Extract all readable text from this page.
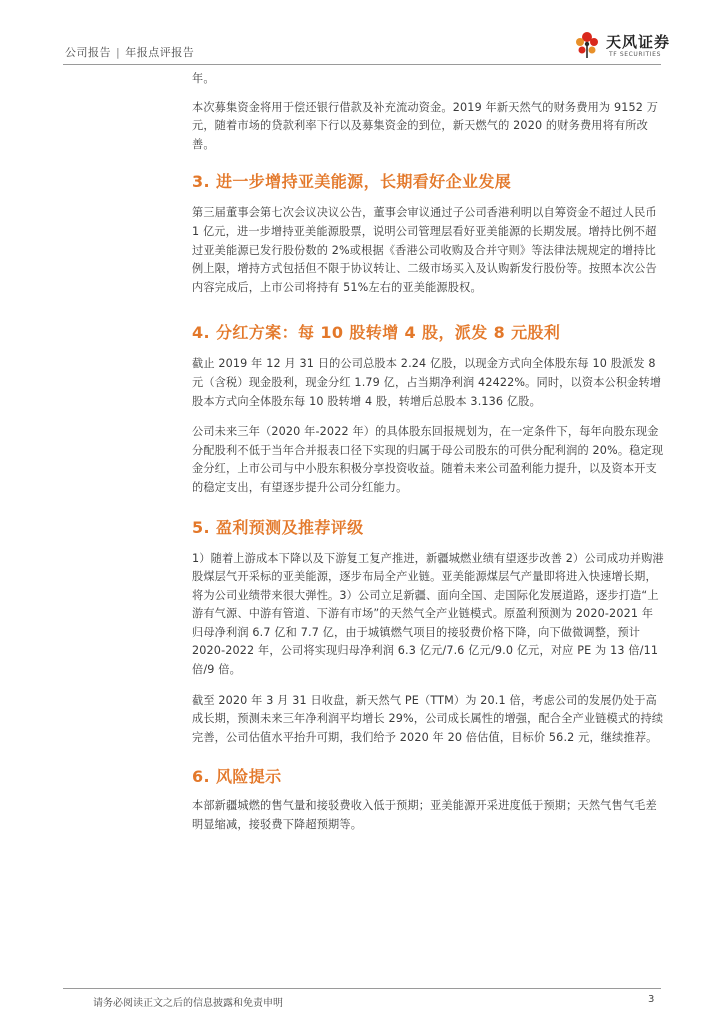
公司报告 | 年报点评报告
天风证券
TF SECURITIES

年。

本次募集资金将用于偿还银行借款及补充流动资金。2019 年新天然气的财务费用为 9152 万元，随着市场的贷款利率下行以及募集资金的到位，新天燃气的 2020 的财务费用将有所改善。

3. 进一步增持亚美能源，长期看好企业发展

第三届董事会第七次会议决议公告，董事会审议通过子公司香港利明以自筹资金不超过人民币 1 亿元，进一步增持亚美能源股票，说明公司管理层看好亚美能源的长期发展。增持比例不超过亚美能源已发行股份数的 2%或根据《香港公司收购及合并守则》等法律法规规定的增持比例上限，增持方式包括但不限于协议转让、二级市场买入及认购新发行股份等。按照本次公告内容完成后，上市公司将持有 51%左右的亚美能源股权。

4. 分红方案：每 10 股转增 4 股，派发 8 元股利

截止 2019 年 12 月 31 日的公司总股本 2.24 亿股，以现金方式向全体股东每 10 股派发 8 元（含税）现金股利，现金分红 1.79 亿，占当期净利润 42422%。同时，以资本公积金转增股本方式向全体股东每 10 股转增 4 股，转增后总股本 3.136 亿股。

公司未来三年（2020 年-2022 年）的具体股东回报规划为，在一定条件下，每年向股东现金分配股利不低于当年合并报表口径下实现的归属于母公司股东的可供分配利润的 20%。稳定现金分红，上市公司与中小股东积极分享投资收益。随着未来公司盈利能力提升，以及资本开支的稳定支出，有望逐步提升公司分红能力。

5. 盈利预测及推荐评级

1）随着上游成本下降以及下游复工复产推进，新疆城燃业绩有望逐步改善 2）公司成功并购港股煤层气开采标的亚美能源，逐步布局全产业链。亚美能源煤层气产量即将进入快速增长期，将为公司业绩带来很大弹性。3）公司立足新疆、面向全国、走国际化发展道路，逐步打造“上游有气源、中游有管道、下游有市场”的天然气全产业链模式。原盈利预测为 2020-2021 年归母净利润 6.7 亿和 7.7 亿，由于城镇燃气项目的接驳费价格下降，向下做微调整，预计 2020-2022 年，公司将实现归母净利润 6.3 亿元/7.6 亿元/9.0 亿元，对应 PE 为 13 倍/11 倍/9 倍。

截至 2020 年 3 月 31 日收盘，新天然气 PE（TTM）为 20.1 倍，考虑公司的发展仍处于高成长期，预测未来三年净利润平均增长 29%，公司成长属性的增强，配合全产业链模式的持续完善，公司估值水平抬升可期，我们给予 2020 年 20 倍估值，目标价 56.2 元，继续推荐。

6. 风险提示

本部新疆城燃的售气量和接驳费收入低于预期；亚美能源开采进度低于预期；天然气售气毛差明显缩减，接驳费下降超预期等。

请务必阅读正文之后的信息披露和免责申明	3
